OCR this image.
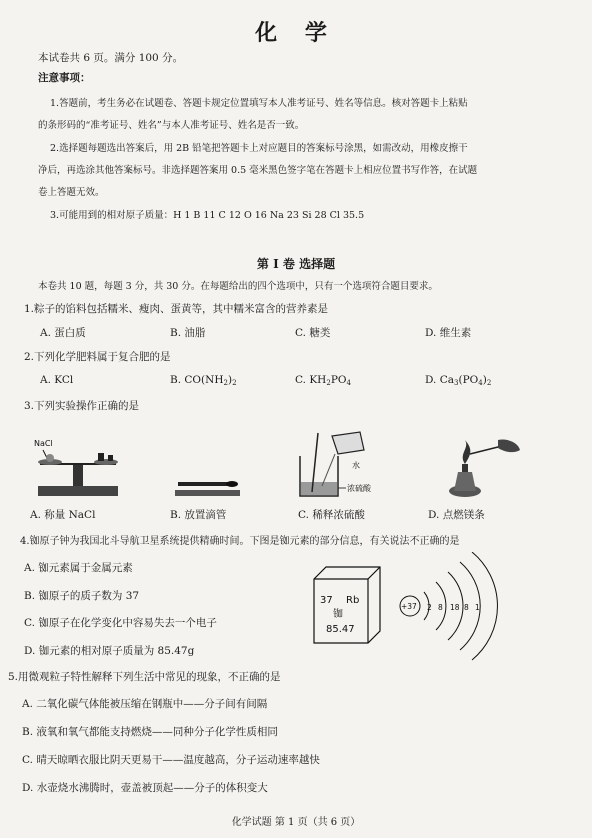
化 学
本试卷共 6 页。满分 100 分。
注意事项：
1.答题前，考生务必在试题卷、答题卡规定位置填写本人准考证号、姓名等信息。核对答题卡上粘贴
的条形码的“准考证号、姓名”与本人准考证号、姓名是否一致。
2.选择题每题选出答案后，用 2B 铅笔把答题卡上对应题目的答案标号涂黑，如需改动，用橡皮擦干
净后，再选涂其他答案标号。非选择题答案用 0.5 毫米黑色签字笔在答题卡上相应位置书写作答，在试题
卷上答题无效。
3.可能用到的相对原子质量：H 1 B 11 C 12 O 16 Na 23 Si 28 Cl 35.5
第 I 卷 选择题
本卷共 10 题，每题 3 分，共 30 分。在每题给出的四个选项中，只有一个选项符合题目要求。
1.粽子的馅料包括糯米、瘦肉、蛋黄等，其中糯米富含的营养素是
A. 蛋白质	B. 油脂	C. 糖类	D. 维生素
2.下列化学肥料属于复合肥的是
A. KCl	B. $CO(NH_2)_2$	C. $KH_2PO_4$	D. $Ca_3(PO_4)_2$
3.下列实验操作正确的是
NaCl
水
浓硫酸
A. 称量 NaCl	B. 放置滴管	C. 稀释浓硫酸	D. 点燃镁条
4.铷原子钟为我国北斗导航卫星系统提供精确时间。下图是铷元素的部分信息，有关说法不正确的是
A. 铷元素属于金属元素
B. 铷原子的质子数为 37
C. 铷原子在化学变化中容易失去一个电子
D. 铷元素的相对原子质量为 85.47g
37 Rb
铷
85.47
+37 2 8 18 8 1
5.用微观粒子特性解释下列生活中常见的现象，不正确的是
A. 二氧化碳气体能被压缩在钢瓶中——分子间有间隔
B. 液氧和氧气都能支持燃烧——同种分子化学性质相同
C. 晴天晾晒衣服比阴天更易干——温度越高，分子运动速率越快
D. 水壶烧水沸腾时，壶盖被顶起——分子的体积变大
化学试题 第 1 页（共 6 页）
